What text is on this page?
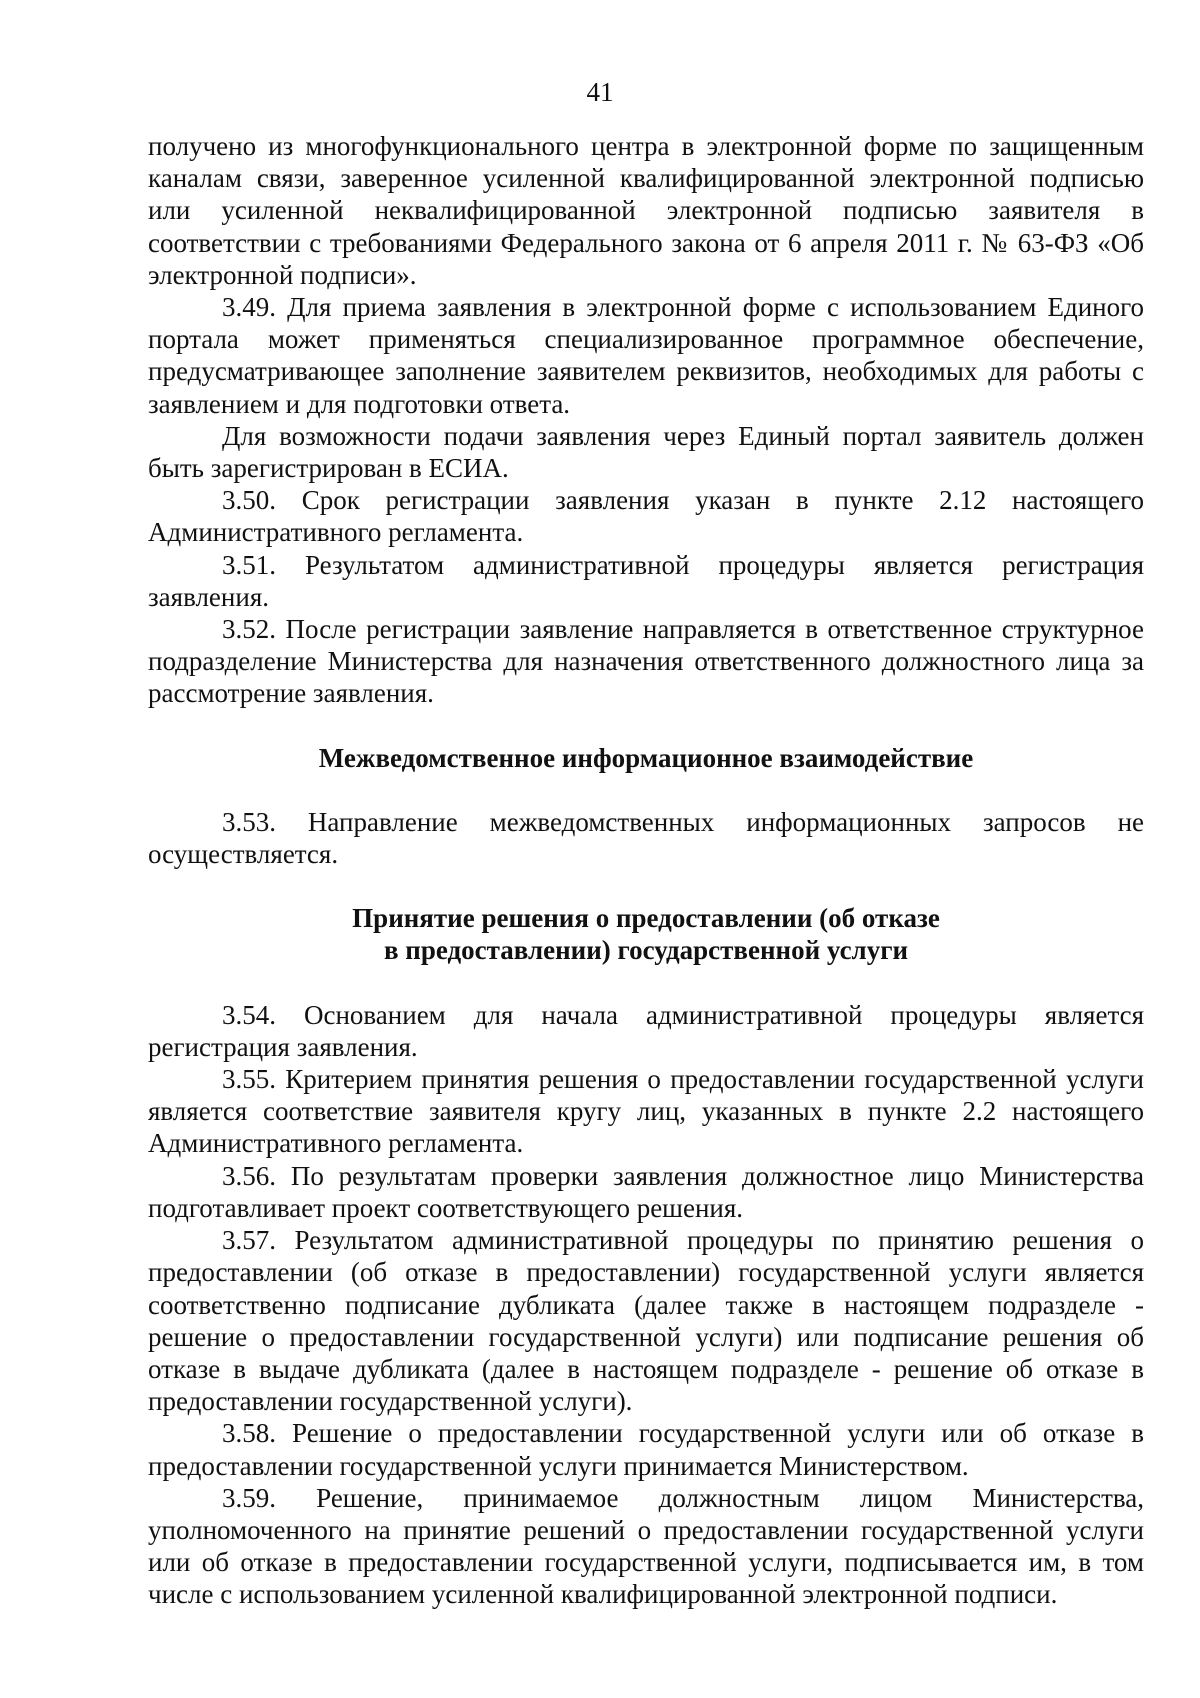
41

получено из многофункционального центра в электронной форме по защищенным каналам связи, заверенное усиленной квалифицированной электронной подписью или усиленной неквалифицированной электронной подписью заявителя в соответствии с требованиями Федерального закона от 6 апреля 2011 г. № 63-ФЗ «Об электронной подписи».

3.49. Для приема заявления в электронной форме с использованием Единого портала может применяться специализированное программное обеспечение, предусматривающее заполнение заявителем реквизитов, необходимых для работы с заявлением и для подготовки ответа.

Для возможности подачи заявления через Единый портал заявитель должен быть зарегистрирован в ЕСИА.

3.50. Срок регистрации заявления указан в пункте 2.12 настоящего Административного регламента.

3.51. Результатом административной процедуры является регистрация заявления.

3.52. После регистрации заявление направляется в ответственное структурное подразделение Министерства для назначения ответственного должностного лица за рассмотрение заявления.

Межведомственное информационное взаимодействие

3.53. Направление межведомственных информационных запросов не осуществляется.

Принятие решения о предоставлении (об отказе

в предоставлении) государственной услуги

3.54. Основанием для начала административной процедуры является регистрация заявления.

3.55. Критерием принятия решения о предоставлении государственной услуги является соответствие заявителя кругу лиц, указанных в пункте 2.2 настоящего Административного регламента.

3.56. По результатам проверки заявления должностное лицо Министерства подготавливает проект соответствующего решения.

3.57. Результатом административной процедуры по принятию решения о предоставлении (об отказе в предоставлении) государственной услуги является соответственно подписание дубликата (далее также в настоящем подразделе - решение о предоставлении государственной услуги) или подписание решения об отказе в выдаче дубликата (далее в настоящем подразделе - решение об отказе в предоставлении государственной услуги).

3.58. Решение о предоставлении государственной услуги или об отказе в предоставлении государственной услуги принимается Министерством.

3.59. Решение, принимаемое должностным лицом Министерства, уполномоченного на принятие решений о предоставлении государственной услуги или об отказе в предоставлении государственной услуги, подписывается им, в том числе с использованием усиленной квалифицированной электронной подписи.
